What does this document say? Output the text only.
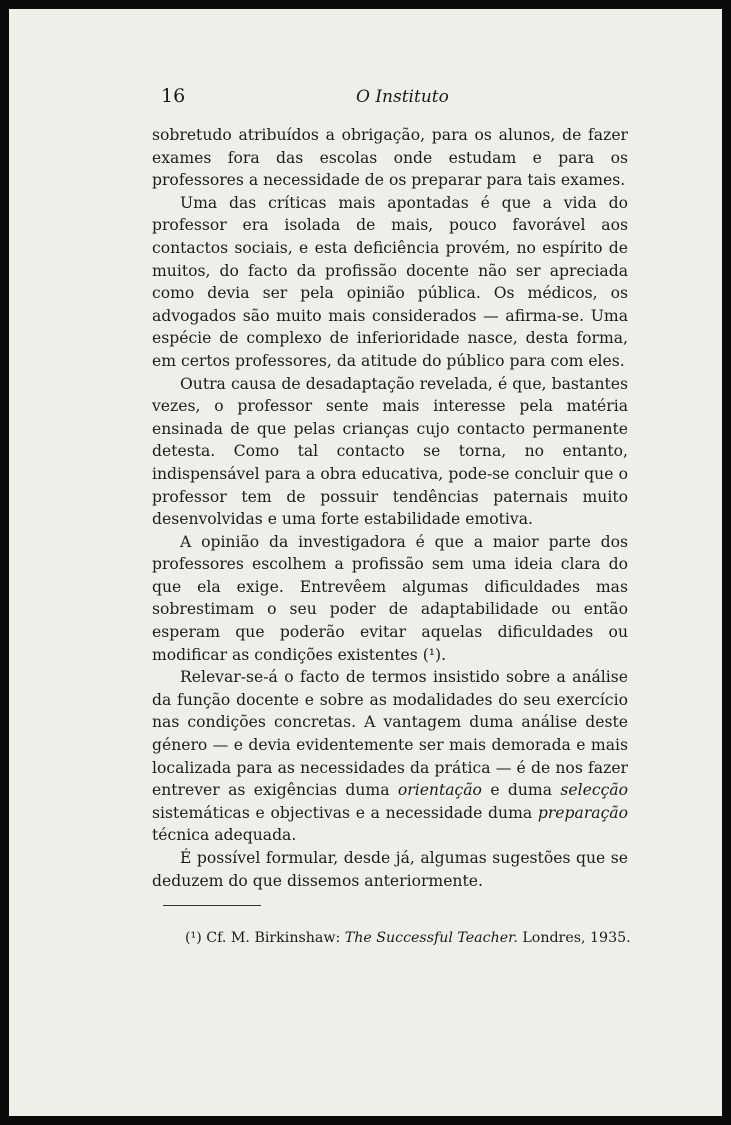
16	O Instituto

sobretudo atribuídos a obrigação, para os alunos, de fazer exames fora das escolas onde estudam e para os professores a necessidade de os preparar para tais exames.

Uma das críticas mais apontadas é que a vida do professor era isolada de mais, pouco favorável aos contactos sociais, e esta deficiência provém, no espírito de muitos, do facto da profissão docente não ser apreciada como devia ser pela opinião pública. Os médicos, os advogados são muito mais considerados — afirma-se. Uma espécie de complexo de inferioridade nasce, desta forma, em certos professores, da atitude do público para com eles.

Outra causa de desadaptação revelada, é que, bastantes vezes, o professor sente mais interesse pela matéria ensinada de que pelas crianças cujo contacto permanente detesta. Como tal contacto se torna, no entanto, indispensável para a obra educativa, pode-se concluir que o professor tem de possuir tendências paternais muito desenvolvidas e uma forte estabilidade emotiva.

A opinião da investigadora é que a maior parte dos professores escolhem a profissão sem uma ideia clara do que ela exige. Entrevêem algumas dificuldades mas sobrestimam o seu poder de adaptabilidade ou então esperam que poderão evitar aquelas dificuldades ou modificar as condições existentes (¹).

Relevar-se-á o facto de termos insistido sobre a análise da função docente e sobre as modalidades do seu exercício nas condições concretas. A vantagem duma análise deste género — e devia evidentemente ser mais demorada e mais localizada para as necessidades da prática — é de nos fazer entrever as exigências duma orientação e duma selecção sistemáticas e objectivas e a necessidade duma preparação técnica adequada.

É possível formular, desde já, algumas sugestões que se deduzem do que dissemos anteriormente.

(¹) Cf. M. Birkinshaw: The Successful Teacher. Londres, 1935.
